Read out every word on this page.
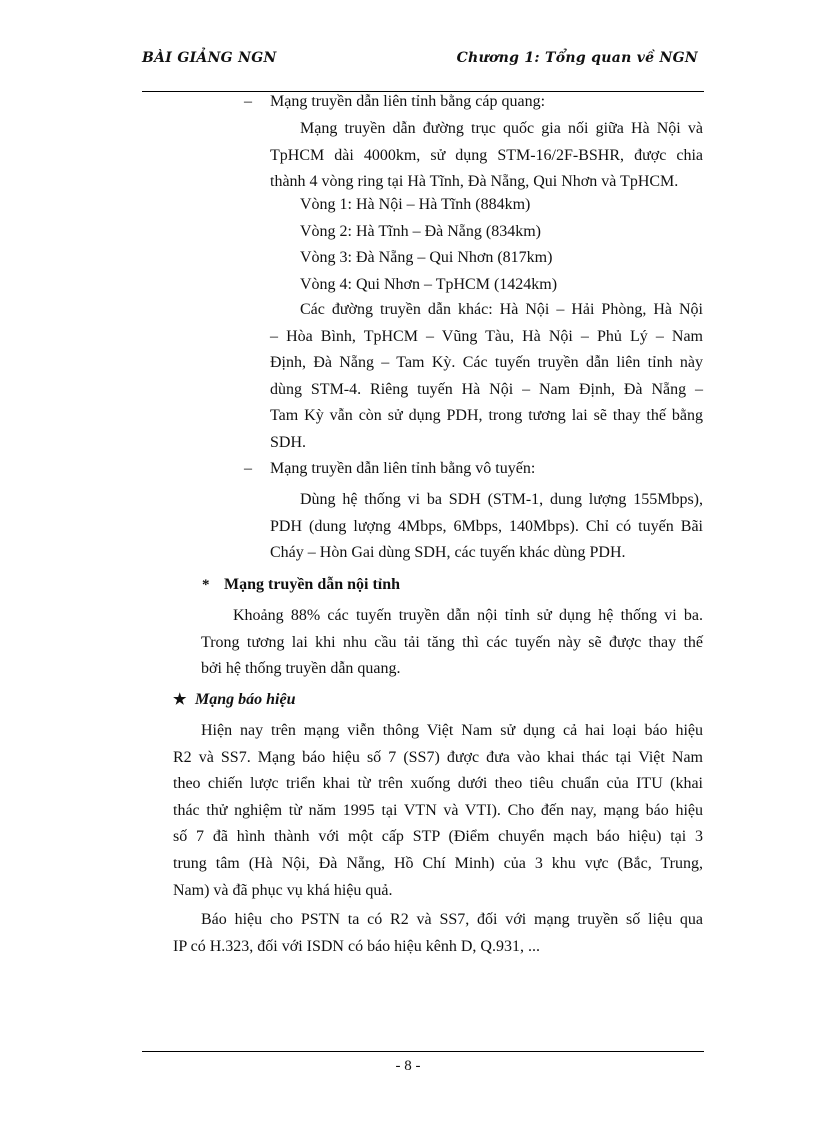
BÀI GIẢNG NGN	Chương 1: Tổng quan về NGN
– Mạng truyền dẫn liên tỉnh bằng cáp quang:
Mạng truyền dẫn đường trục quốc gia nối giữa Hà Nội và
TpHCM dài 4000km, sử dụng STM-16/2F-BSHR, được chia
thành 4 vòng ring tại Hà Tĩnh, Đà Nẵng, Qui Nhơn và TpHCM.
Vòng 1: Hà Nội – Hà Tĩnh (884km)
Vòng 2: Hà Tĩnh – Đà Nẵng (834km)
Vòng 3: Đà Nẵng – Qui Nhơn (817km)
Vòng 4: Qui Nhơn – TpHCM (1424km)
Các đường truyền dẫn khác: Hà Nội – Hải Phòng, Hà Nội
– Hòa Bình, TpHCM – Vũng Tàu, Hà Nội – Phủ Lý – Nam
Định, Đà Nẵng – Tam Kỳ. Các tuyến truyền dẫn liên tỉnh này
dùng STM-4. Riêng tuyến Hà Nội – Nam Định, Đà Nẵng –
Tam Kỳ vẫn còn sử dụng PDH, trong tương lai sẽ thay thế bằng
SDH.
– Mạng truyền dẫn liên tỉnh bằng vô tuyến:
Dùng hệ thống vi ba SDH (STM-1, dung lượng 155Mbps),
PDH (dung lượng 4Mbps, 6Mbps, 140Mbps). Chỉ có tuyến Bãi
Cháy – Hòn Gai dùng SDH, các tuyến khác dùng PDH.
* Mạng truyền dẫn nội tỉnh
Khoảng 88% các tuyến truyền dẫn nội tỉnh sử dụng hệ thống vi ba.
Trong tương lai khi nhu cầu tải tăng thì các tuyến này sẽ được thay thế
bởi hệ thống truyền dẫn quang.
★ Mạng báo hiệu
Hiện nay trên mạng viễn thông Việt Nam sử dụng cả hai loại báo hiệu
R2 và SS7. Mạng báo hiệu số 7 (SS7) được đưa vào khai thác tại Việt Nam
theo chiến lược triển khai từ trên xuống dưới theo tiêu chuẩn của ITU (khai
thác thử nghiệm từ năm 1995 tại VTN và VTI). Cho đến nay, mạng báo hiệu
số 7 đã hình thành với một cấp STP (Điểm chuyển mạch báo hiệu) tại 3
trung tâm (Hà Nội, Đà Nẵng, Hồ Chí Minh) của 3 khu vực (Bắc, Trung,
Nam) và đã phục vụ khá hiệu quả.
Báo hiệu cho PSTN ta có R2 và SS7, đối với mạng truyền số liệu qua
IP có H.323, đối với ISDN có báo hiệu kênh D, Q.931, ...
- 8 -
